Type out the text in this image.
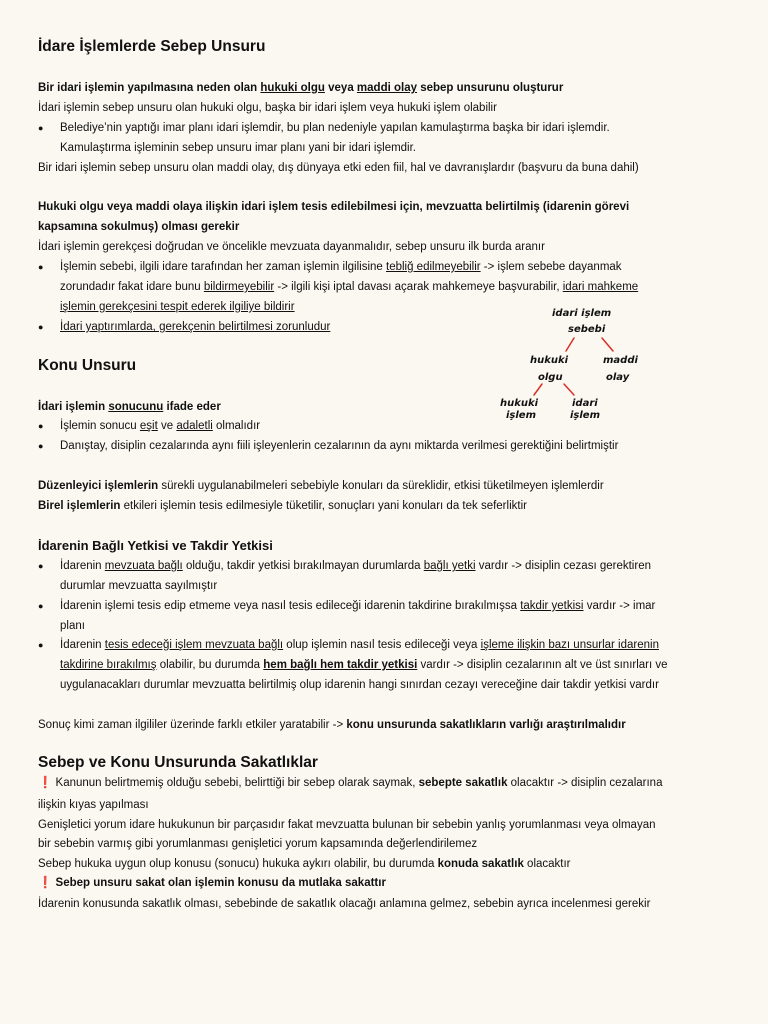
İdare İşlemlerde Sebep Unsuru
Bir idari işlemin yapılmasına neden olan hukuki olgu veya maddi olay sebep unsurunu oluşturur
İdari işlemin sebep unsuru olan hukuki olgu, başka bir idari işlem veya hukuki işlem olabilir
● Belediye’nin yaptığı imar planı idari işlemdir, bu plan nedeniyle yapılan kamulaştırma başka bir idari işlemdir.
Kamulaştırma işleminin sebep unsuru imar planı yani bir idari işlemdir.
Bir idari işlemin sebep unsuru olan maddi olay, dış dünyaya etki eden fiil, hal ve davranışlardır (başvuru da buna dahil)
Hukuki olgu veya maddi olaya ilişkin idari işlem tesis edilebilmesi için, mevzuatta belirtilmiş (idarenin görevi
kapsamına sokulmuş) olması gerekir
İdari işlemin gerekçesi doğrudan ve öncelikle mevzuata dayanmalıdır, sebep unsuru ilk burda aranır
● İşlemin sebebi, ilgili idare tarafından her zaman işlemin ilgilisine tebliğ edilmeyebilir -> işlem sebebe dayanmak
zorundadır fakat idare bunu bildirmeyebilir -> ilgili kişi iptal davası açarak mahkemeye başvurabilir, idari mahkeme
işlemin gerekçesini tespit ederek ilgiliye bildirir
● İdari yaptırımlarda, gerekçenin belirtilmesi zorunludur
idari işlem
sebebi
hukuki
olgu
maddi
olay
hukuki
işlem
idari
işlem
Konu Unsuru
İdari işlemin sonucunu ifade eder
● İşlemin sonucu eşit ve adaletli olmalıdır
● Danıştay, disiplin cezalarında aynı fiili işleyenlerin cezalarının da aynı miktarda verilmesi gerektiğini belirtmiştir
Düzenleyici işlemlerin sürekli uygulanabilmeleri sebebiyle konuları da süreklidir, etkisi tüketilmeyen işlemlerdir
Birel işlemlerin etkileri işlemin tesis edilmesiyle tüketilir, sonuçları yani konuları da tek seferliktir
İdarenin Bağlı Yetkisi ve Takdir Yetkisi
● İdarenin mevzuata bağlı olduğu, takdir yetkisi bırakılmayan durumlarda bağlı yetki vardır -> disiplin cezası gerektiren
durumlar mevzuatta sayılmıştır
● İdarenin işlemi tesis edip etmeme veya nasıl tesis edileceği idarenin takdirine bırakılmışsa takdir yetkisi vardır -> imar
planı
● İdarenin tesis edeceği işlem mevzuata bağlı olup işlemin nasıl tesis edileceği veya işleme ilişkin bazı unsurlar idarenin
takdirine bırakılmış olabilir, bu durumda hem bağlı hem takdir yetkisi vardır -> disiplin cezalarının alt ve üst sınırları ve
uygulanacakları durumlar mevzuatta belirtilmiş olup idarenin hangi sınırdan cezayı vereceğine dair takdir yetkisi vardır
Sonuç kimi zaman ilgililer üzerinde farklı etkiler yaratabilir -> konu unsurunda sakatlıkların varlığı araştırılmalıdır
Sebep ve Konu Unsurunda Sakatlıklar
❗ Kanunun belirtmemiş olduğu sebebi, belirttiği bir sebep olarak saymak, sebepte sakatlık olacaktır -> disiplin cezalarına
ilişkin kıyas yapılması
Genişletici yorum idare hukukunun bir parçasıdır fakat mevzuatta bulunan bir sebebin yanlış yorumlanması veya olmayan
bir sebebin varmış gibi yorumlanması genişletici yorum kapsamında değerlendirilemez
Sebep hukuka uygun olup konusu (sonucu) hukuka aykırı olabilir, bu durumda konuda sakatlık olacaktır
❗ Sebep unsuru sakat olan işlemin konusu da mutlaka sakattır
İdarenin konusunda sakatlık olması, sebebinde de sakatlık olacağı anlamına gelmez, sebebin ayrıca incelenmesi gerekir
